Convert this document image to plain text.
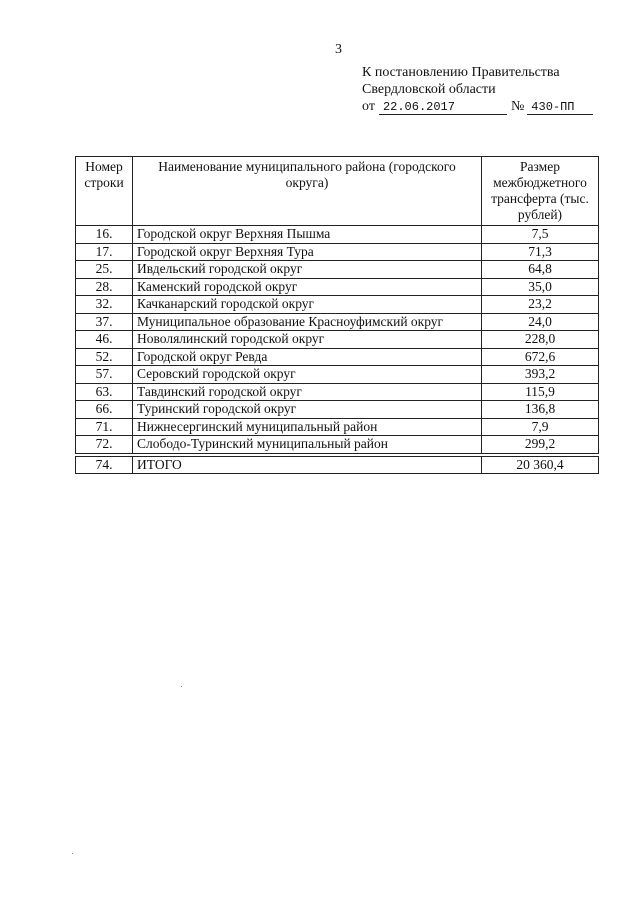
3
К постановлению Правительства
Свердловской области
от 22.06.2017	№ 430-ПП
Номер строки	Наименование муниципального района (городского округа)	Размер межбюджетного трансферта (тыс. рублей)
16.	Городской округ Верхняя Пышма	7,5
17.	Городской округ Верхняя Тура	71,3
25.	Ивдельский городской округ	64,8
28.	Каменский городской округ	35,0
32.	Качканарский городской округ	23,2
37.	Муниципальное образование Красноуфимский округ	24,0
46.	Новолялинский городской округ	228,0
52.	Городской округ Ревда	672,6
57.	Серовский городской округ	393,2
63.	Тавдинский городской округ	115,9
66.	Туринский городской округ	136,8
71.	Нижнесергинский муниципальный район	7,9
72.	Слободо-Туринский муниципальный район	299,2

74.	ИТОГО	20 360,4
